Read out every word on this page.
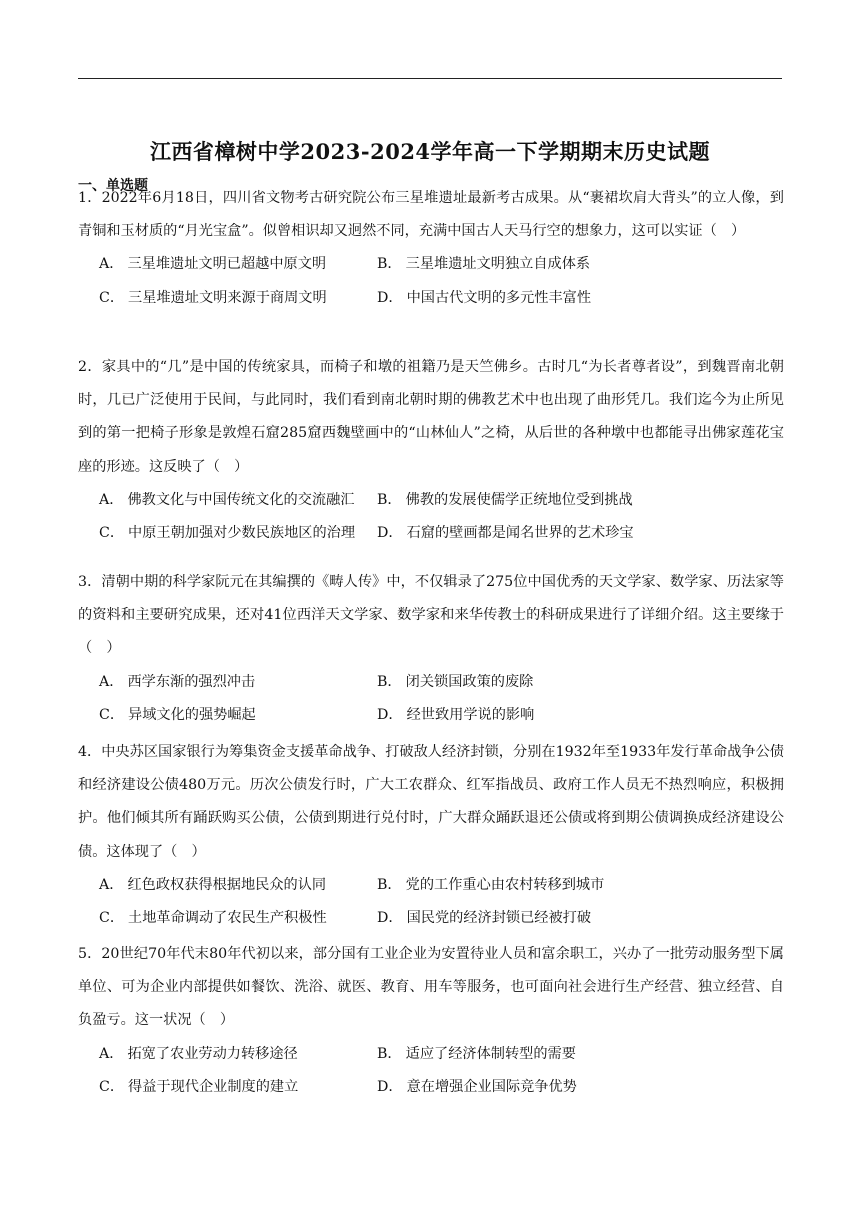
江西省樟树中学2023-2024学年高一下学期期末历史试题
一、单选题
1．2022年6月18日，四川省文物考古研究院公布三星堆遗址最新考古成果。从“裹裙坎肩大背头”的立人像，到青铜和玉材质的“月光宝盒”。似曾相识却又迥然不同，充满中国古人天马行空的想象力，这可以实证（　）
A． 三星堆遗址文明已超越中原文明	B． 三星堆遗址文明独立自成体系
C． 三星堆遗址文明来源于商周文明	D． 中国古代文明的多元性丰富性
2．家具中的“几”是中国的传统家具，而椅子和墩的祖籍乃是天竺佛乡。古时几“为长者尊者设”，到魏晋南北朝时，几已广泛使用于民间，与此同时，我们看到南北朝时期的佛教艺术中也出现了曲形凭几。我们迄今为止所见到的第一把椅子形象是敦煌石窟285窟西魏壁画中的“山林仙人”之椅，从后世的各种墩中也都能寻出佛家莲花宝座的形迹。这反映了（　）
A． 佛教文化与中国传统文化的交流融汇 B． 佛教的发展使儒学正统地位受到挑战
C． 中原王朝加强对少数民族地区的治理 D． 石窟的壁画都是闻名世界的艺术珍宝
3．清朝中期的科学家阮元在其编撰的《畴人传》中，不仅辑录了275位中国优秀的天文学家、数学家、历法家等的资料和主要研究成果，还对41位西洋天文学家、数学家和来华传教士的科研成果进行了详细介绍。这主要缘于（　）
A． 西学东渐的强烈冲击	B． 闭关锁国政策的废除
C． 异域文化的强势崛起	D． 经世致用学说的影响
4．中央苏区国家银行为筹集资金支援革命战争、打破敌人经济封锁，分别在1932年至1933年发行革命战争公债和经济建设公债480万元。历次公债发行时，广大工农群众、红军指战员、政府工作人员无不热烈响应，积极拥护。他们倾其所有踊跃购买公债，公债到期进行兑付时，广大群众踊跃退还公债或将到期公债调换成经济建设公债。这体现了（　）
A． 红色政权获得根据地民众的认同	B． 党的工作重心由农村转移到城市
C． 土地革命调动了农民生产积极性	D． 国民党的经济封锁已经被打破
5．20世纪70年代末80年代初以来，部分国有工业企业为安置待业人员和富余职工，兴办了一批劳动服务型下属单位、可为企业内部提供如餐饮、洗浴、就医、教育、用车等服务，也可面向社会进行生产经营、独立经营、自负盈亏。这一状况（　）
A． 拓宽了农业劳动力转移途径	B． 适应了经济体制转型的需要
C． 得益于现代企业制度的建立	D． 意在增强企业国际竞争优势
